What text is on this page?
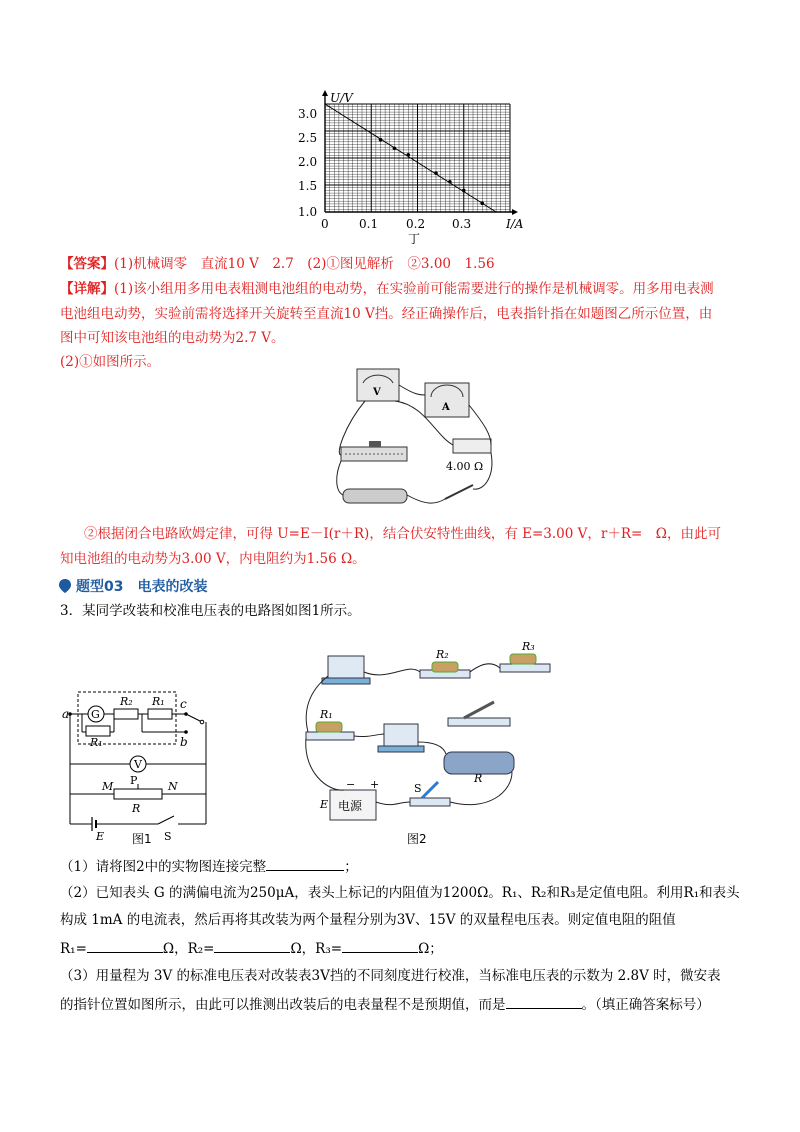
U/V
I/A
3.0
2.5
2.0
1.5
1.0
0	0.1 0.2 0.3
丁
【答案】(1)机械调零　直流10 V　2.7　(2)①图见解析　②3.00　1.56
【详解】(1)该小组用多用电表粗测电池组的电动势，在实验前可能需要进行的操作是机械调零。用多用电表测
电池组电动势，实验前需将选择开关旋转至直流10 V挡。经正确操作后，电表指针指在如题图乙所示位置，由
图中可知该电池组的电动势为2.7 V。
(2)①如图所示。
V
A
4.00 Ω
②根据闭合电路欧姆定律，可得 U=E－I(r＋R)，结合伏安特性曲线，有 E=3.00 V，r＋R=　Ω，由此可
知电池组的电动势为3.00 V，内电阻约为1.56 Ω。
题型03　电表的改装
3．某同学改装和校准电压表的电路图如图1所示。
a G
R₂ R₁ c
R₁	b
V
M	N
P
R
E	S
图1
R₂
R₃
R₁
R
电源
− +
E
S
图2
（1）请将图2中的实物图连接完整	；
（2）已知表头 G 的满偏电流为250μA，表头上标记的内阻值为1200Ω。R₁、R₂和R₃是定值电阻。利用R₁和表头
构成 1mA 的电流表，然后再将其改装为两个量程分别为3V、15V 的双量程电压表。则定值电阻的阻值
R₁=	Ω，R₂=	Ω，R₃=	Ω；
（3）用量程为 3V 的标准电压表对改装表3V挡的不同刻度进行校准，当标准电压表的示数为 2.8V 时，微安表
的指针位置如图所示，由此可以推测出改装后的电表量程不是预期值，而是	。（填正确答案标号）
